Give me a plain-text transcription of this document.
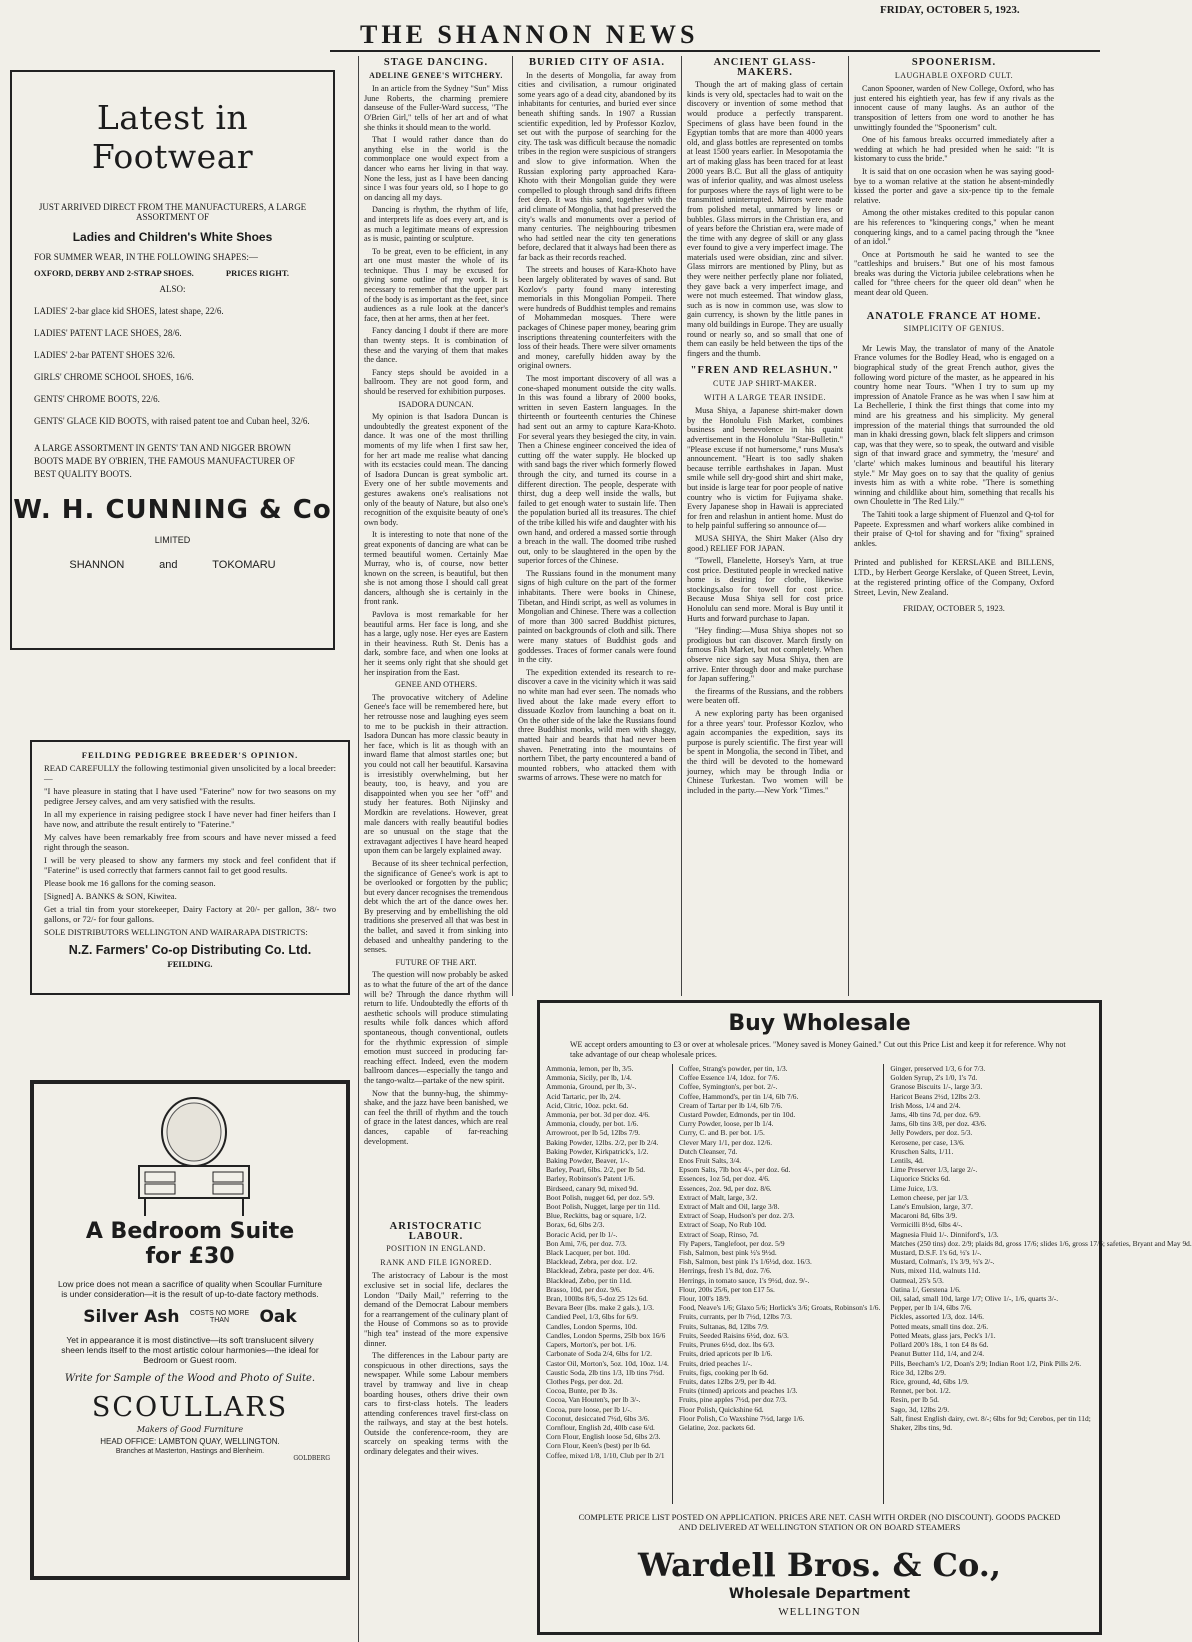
THE SHANNON NEWS
FRIDAY, OCTOBER 5, 1923.
Latest in Footwear
JUST ARRIVED DIRECT FROM THE MANUFACTURERS, A LARGE ASSORTMENT OF
Ladies and Children's White Shoes
FOR SUMMER WEAR, IN THE FOLLOWING SHAPES:—
OXFORD, DERBY AND 2-STRAP SHOES.	PRICES RIGHT.
ALSO:
LADIES' 2-bar glace kid SHOES, latest shape, 22/6.
LADIES' PATENT LACE SHOES, 28/6.
LADIES' 2-bar PATENT SHOES 32/6.
GIRLS' CHROME SCHOOL SHOES, 16/6.
GENTS' CHROME BOOTS, 22/6.
GENTS' GLACE KID BOOTS, with raised patent toe and Cuban heel, 32/6.
A LARGE ASSORTMENT IN GENTS' TAN AND NIGGER BROWN BOOTS MADE BY O'BRIEN, THE FAMOUS MANUFACTURER OF BEST QUALITY BOOTS.
W. H. CUNNING & Co
LIMITED
SHANNON	and	TOKOMARU
FEILDING PEDIGREE BREEDER'S OPINION.
READ CAREFULLY the following testimonial given unsolicited by a local breeder:—
"I have pleasure in stating that I have used "Faterine" now for two seasons on my pedigree Jersey calves, and am very satisfied with the results.
In all my experience in raising pedigree stock I have never had finer heifers than I have now, and attribute the result entirely to "Faterine."
My calves have been remarkably free from scours and have never missed a feed right through the season.
I will be very pleased to show any farmers my stock and feel confident that if "Faterine" is used correctly that farmers cannot fail to get good results.
Please book me 16 gallons for the coming season.
[Signed] A. BANKS & SON, Kiwitea.
Get a trial tin from your storekeeper, Dairy Factory at 20/- per gallon, 38/- two gallons, or 72/- for four gallons.
SOLE DISTRIBUTORS WELLINGTON AND WAIRARAPA DISTRICTS:
N.Z. Farmers' Co-op Distributing Co. Ltd.
FEILDING.
A Bedroom Suite
for £30
Low price does not mean a sacrifice of quality when Scoullar Furniture is under consideration—it is the result of up-to-date factory methods.
Silver Ash COSTS NO MORE THAN	Oak
Yet in appearance it is most distinctive—its soft translucent silvery sheen lends itself to the most artistic colour harmonies—the ideal for Bedroom or Guest room.
Write for Sample of the Wood and Photo of Suite.
SCOULLARS
Makers of Good Furniture
HEAD OFFICE: LAMBTON QUAY, WELLINGTON.
Branches at Masterton, Hastings and Blenheim.
GOLDBERG
STAGE DANCING.
ADELINE GENEE'S WITCHERY.

In an article from the Sydney "Sun" Miss June Roberts, the charming premiere danseuse of the Fuller-Ward success, "The O'Brien Girl," tells of her art and of what she thinks it should mean to the world.

That I would rather dance than do anything else in the world is the commonplace one would expect from a dancer who earns her living in that way. None the less, just as I have been dancing since I was four years old, so I hope to go on dancing all my days.

Dancing is rhythm, the rhythm of life, and interprets life as does every art, and is as much a legitimate means of expression as is music, painting or sculpture.

To be great, even to be efficient, in any art one must master the whole of its technique. Thus I may be excused for giving some outline of my work. It is necessary to remember that the upper part of the body is as important as the feet, since audiences as a rule look at the dancer's face, then at her arms, then at her feet.

Fancy dancing I doubt if there are more than twenty steps. It is combination of these and the varying of them that makes the dance.

Fancy steps should be avoided in a ballroom. They are not good form, and should be reserved for exhibition purposes.

ISADORA DUNCAN.

My opinion is that Isadora Duncan is undoubtedly the greatest exponent of the dance. It was one of the most thrilling moments of my life when I first saw her, for her art made me realise what dancing with its ecstacies could mean. The dancing of Isadora Duncan is great symbolic art. Every one of her subtle movements and gestures awakens one's realisations not only of the beauty of Nature, but also one's recognition of the exquisite beauty of one's own body.

It is interesting to note that none of the great exponents of dancing are what can be termed beautiful women. Certainly Mae Murray, who is, of course, now better known on the screen, is beautiful, but then she is not among those I should call great dancers, although she is certainly in the front rank.

Pavlova is most remarkable for her beautiful arms. Her face is long, and she has a large, ugly nose. Her eyes are Eastern in their heaviness. Ruth St. Denis has a dark, sombre face, and when one looks at her it seems only right that she should get her inspiration from the East.

GENEE AND OTHERS.

The provocative witchery of Adeline Genee's face will be remembered here, but her retrousse nose and laughing eyes seem to me to be puckish in their attraction. Isadora Duncan has more classic beauty in her face, which is lit as though with an inward flame that almost startles one; but you could not call her beautiful. Karsavina is irresistibly overwhelming, but her beauty, too, is heavy, and you are disappointed when you see her "off" and study her features. Both Nijinsky and Mordkin are revelations. However, great male dancers with really beautiful bodies are so unusual on the stage that the extravagant adjectives I have heard heaped upon them can be largely explained away.

Because of its sheer technical perfection, the significance of Genee's work is apt to be overlooked or forgotten by the public; but every dancer recognises the tremendous debt which the art of the dance owes her. By preserving and by embellishing the old traditions she preserved all that was best in the ballet, and saved it from sinking into debased and unhealthy pandering to the senses.

FUTURE OF THE ART.

The question will now probably be asked as to what the future of the art of the dance will be? Through the dance rhythm will return to life. Undoubtedly the efforts of th aesthetic schools will produce stimulating results while folk dances which afford spontaneous, though conventional, outlets for the rhythmic expression of simple emotion must succeed in producing far-reaching effect. Indeed, even the modern ballroom dances—especially the tango and the tango-waltz—partake of the new spirit.

Now that the bunny-hug, the shimmy-shake, and the jazz have been banished, we can feel the thrill of rhythm and the touch of grace in the latest dances, which are real dances, capable of far-reaching development.

ARISTOCRATIC LABOUR.
POSITION IN ENGLAND.
RANK AND FILE IGNORED.

The aristocracy of Labour is the most exclusive set in social life, declares the London "Daily Mail," referring to the demand of the Democrat Labour members for a rearrangement of the culinary plant of the House of Commons so as to provide "high tea" instead of the more expensive dinner.

The differences in the Labour party are conspicuous in other directions, says the newspaper. While some Labour members travel by tramway and live in cheap boarding houses, others drive their own cars to first-class hotels. The leaders attending conferences travel first-class on the railways, and stay at the best hotels. Outside the conference-room, they are scarcely on speaking terms with the ordinary delegates and their wives.

BURIED CITY OF ASIA.

In the deserts of Mongolia, far away from cities and civilisation, a rumour originated some years ago of a dead city, abandoned by its inhabitants for centuries, and buried ever since beneath shifting sands. In 1907 a Russian scientific expedition, led by Professor Kozlov, set out with the purpose of searching for the city. The task was difficult because the nomadic tribes in the region were suspicious of strangers and slow to give information. When the Russian exploring party approached Kara-Khoto with their Mongolian guide they were compelled to plough through sand drifts fifteen feet deep. It was this sand, together with the arid climate of Mongolia, that had preserved the city's walls and monuments over a period of many centuries. The neighbouring tribesmen who had settled near the city ten generations before, declared that it always had been there as far back as their records reached.

The streets and houses of Kara-Khoto have been largely obliterated by waves of sand. But Kozlov's party found many interesting memorials in this Mongolian Pompeii. There were hundreds of Buddhist temples and remains of Mohammedan mosques. There were packages of Chinese paper money, bearing grim inscriptions threatening counterfeiters with the loss of their heads. There were silver ornaments and money, carefully hidden away by the original owners.

The most important discovery of all was a cone-shaped monument outside the city walls. In this was found a library of 2000 books, written in seven Eastern languages. In the thirteenth or fourteenth centuries the Chinese had sent out an army to capture Kara-Khoto. For several years they besieged the city, in vain. Then a Chinese engineer conceived the idea of cutting off the water supply. He blocked up with sand bags the river which formerly flowed through the city, and turned its course in a different direction. The people, desperate with thirst, dug a deep well inside the walls, but failed to get enough water to sustain life. Then the population buried all its treasures. The chief of the tribe killed his wife and daughter with his own hand, and ordered a massed sortie through a breach in the wall. The doomed tribe rushed out, only to be slaughtered in the open by the superior forces of the Chinese.

The Russians found in the monument many signs of high culture on the part of the former inhabitants. There were books in Chinese, Tibetan, and Hindi script, as well as volumes in Mongolian and Chinese. There was a collection of more than 300 sacred Buddhist pictures, painted on backgrounds of cloth and silk. There were many statues of Buddhist gods and goddesses. Traces of former canals were found in the city.

The expedition extended its research to re-discover a cave in the vicinity which it was said no white man had ever seen. The nomads who lived about the lake made every effort to dissuade Kozlov from launching a boat on it. On the other side of the lake the Russians found three Buddhist monks, wild men with shaggy, matted hair and beards that had never been shaven. Penetrating into the mountains of northern Tibet, the party encountered a band of mounted robbers, who attacked them with swarms of arrows. These were no match for

ANCIENT GLASS-MAKERS.

Though the art of making glass of certain kinds is very old, spectacles had to wait on the discovery or invention of some method that would produce a perfectly transparent. Specimens of glass have been found in the Egyptian tombs that are more than 4000 years old, and glass bottles are represented on tombs at least 1500 years earlier. In Mesopotamia the art of making glass has been traced for at least 2000 years B.C. But all the glass of antiquity was of inferior quality, and was almost useless for purposes where the rays of light were to be transmitted uninterrupted. Mirrors were made from polished metal, unmarred by lines or bubbles. Glass mirrors in the Christian era, and of years before the Christian era, were made of the time with any degree of skill or any glass ever found to give a very imperfect image. The materials used were obsidian, zinc and silver. Glass mirrors are mentioned by Pliny, but as they were neither perfectly plane nor foliated, they gave back a very imperfect image, and were not much esteemed. That window glass, such as is now in common use, was slow to gain currency, is shown by the little panes in many old buildings in Europe. They are usually round or nearly so, and so small that one of them can easily be held between the tips of the fingers and the thumb.

"FREN AND RELASHUN."
CUTE JAP SHIRT-MAKER.
WITH A LARGE TEAR INSIDE.

Musa Shiya, a Japanese shirt-maker down by the Honolulu Fish Market, combines business and benevolence in his quaint advertisement in the Honolulu "Star-Bulletin." "Please excuse if not humersome," runs Musa's announcement. "Heart is too sadly shaken because terrible earthshakes in Japan. Must smile while sell dry-good shirt and shirt make, but inside is large tear for poor people of native country who is victim for Fujiyama shake. Every Japanese shop in Hawaii is appreciated for fren and relashun in antient home. Must do to help painful suffering so announce of—

MUSA SHIYA, the Shirt Maker (Also dry good.) RELIEF FOR JAPAN.

"Towell, Flanelette, Horsey's Yarn, at true cost price. Destituted people in wrecked native home is desiring for clothe, likewise stockings,also for towell for cost price. Because Musa Shiya sell for cost price Honolulu can send more. Moral is Buy until it Hurts and forward purchase to Japan.

"Hey finding:—Musa Shiya shopes not so prodigious but can discover. March firstly on famous Fish Market, but not completely. When observe nice sign say Musa Shiya, then are arrive. Enter through door and make purchase for Japan suffering."

the firearms of the Russians, and the robbers were beaten off.

A new exploring party has been organised for a three years' tour. Professor Kozlov, who again accompanies the expedition, says its purpose is purely scientific. The first year will be spent in Mongolia, the second in Tibet, and the third will be devoted to the homeward journey, which may be through India or Chinese Turkestan. Two women will be included in the party.—New York "Times."

SPOONERISM.
LAUGHABLE OXFORD CULT.

Canon Spooner, warden of New College, Oxford, who has just entered his eightieth year, has few if any rivals as the innocent cause of many laughs. As an author of the transposition of letters from one word to another he has unwittingly founded the "Spoonerism" cult.

One of his famous breaks occurred immediately after a wedding at which he had presided when he said: "It is kistomary to cuss the bride."

It is said that on one occasion when he was saying good-bye to a woman relative at the station he absent-mindedly kissed the porter and gave a six-pence tip to the female relative.

Among the other mistakes credited to this popular canon are his references to "kinquering congs," when he meant conquering kings, and to a camel pacing through the "knee of an idol."

Once at Portsmouth he said he wanted to see the "cattleships and bruisers." But one of his most famous breaks was during the Victoria jubilee celebrations when he called for "three cheers for the queer old dean" when he meant dear old Queen.

ANATOLE FRANCE AT HOME.
SIMPLICITY OF GENIUS.

Mr Lewis May, the translator of many of the Anatole France volumes for the Bodley Head, who is engaged on a biographical study of the great French author, gives the following word picture of the master, as he appeared in his country home near Tours. "When I try to sum up my impression of Anatole France as he was when I saw him at La Bechellerie, I think the first things that come into my mind are his greatness and his simplicity. My general impression of the material things that surrounded the old man in khaki dressing gown, black felt slippers and crimson cap, was that they were, so to speak, the outward and visible sign of that inward grace and symmetry, the 'mesure' and 'clarte' which makes luminous and beautiful his literary style." Mr May goes on to say that the quality of genius invests him as with a white robe. "There is something winning and childlike about him, something that recalls his own Choulette in 'The Red Lily.'"

The Tahiti took a large shipment of Fluenzol and Q-tol for Papeete. Expressmen and wharf workers alike combined in their praise of Q-tol for shaving and for "fixing" sprained ankles.

Printed and published for KERSLAKE and BILLENS, LTD., by Herbert George Kerslake, of Queen Street, Levin, at the registered printing office of the Company, Oxford Street, Levin, New Zealand.
FRIDAY, OCTOBER 5, 1923.
Buy Wholesale
WE accept orders amounting to £3 or over at wholesale prices. "Money saved is Money Gained." Cut out this Price List and keep it for reference. Why not take advantage of our cheap wholesale prices.
Ammonia, lemon, per lb, 3/5.
Ammonia, Sicily, per lb, 1/4.
Ammonia, Ground, per lb, 3/-.
Acid Tartaric, per lb, 2/4.
Acid, Citric, 10oz. pckt. 6d.
Ammonia, per bot. 3d per doz. 4/6.
Ammonia, cloudy, per bot. 1/6.
Arrowroot, per lb 5d, 12lbs 7/9.
Baking Powder, 12lbs. 2/2, per lb 2/4.
Baking Powder, Kirkpatrick's, 1/2.
Baking Powder, Beaver, 1/-.
Barley, Pearl, 6lbs. 2/2, per lb 5d.
Barley, Robinson's Patent 1/6.
Birdseed, canary 9d, mixed 9d.
Boot Polish, nugget 6d, per doz. 5/9.
Boot Polish, Nugget, large per tin 11d.
Blue, Reckitts, bag or square, 1/2.
Borax, 6d, 6lbs 2/3.
Boracic Acid, per lb 1/-.
Bon Ami, 7/6, per doz. 7/3.
Black Lacquer, per bot. 10d.
Blacklead, Zebra, per doz. 1/2.
Blacklead, Zebra, paste per doz. 4/6.
Blacklead, Zebo, per tin 11d.
Brasso, 10d, per doz. 9/6.
Bran, 100lbs 8/6, 5-doz 25 12s 6d.
Bevara Beer (lbs. make 2 gals.), 1/3.
Candied Peel, 1/3, 6lbs for 6/9.
Candles, London Sperms, 10d.
Candles, London Sperms, 25lb box 16/6
Capers, Morton's, per bot. 1/6.
Carbonate of Soda 2/4, 6lbs for 1/2.
Castor Oil, Morton's, 5oz. 10d, 10oz. 1/4.
Caustic Soda, 2lb tins 1/3, 1lb tins 7½d.
Clothes Pegs, per doz. 2d.
Cocoa, Bunte, per lb 3s.
Cocoa, Van Houten's, per lb 3/-.
Cocoa, pure loose, per lb 1/-.
Coconut, desiccated 7½d, 6lbs 3/6.
Cornflour, English 2d, 40lb case 6/d.
Corn Flour, English loose 5d, 6lbs 2/3.
Corn Flour, Keen's (best) per lb 6d.
Coffee, mixed 1/8, 1/10, Club per lb 2/1
Coffee, Strang's powder, per tin, 1/3.
Coffee Essence 1/4, 1doz. for 7/6.
Coffee, Symington's, per bot. 2/-.
Coffee, Hammond's, per tin 1/4, 6lb 7/6.
Cream of Tartar per lb 1/4, 6lb 7/6.
Custard Powder, Edmonds, per tin 10d.
Curry Powder, loose, per lb 1/4.
Curry, C. and B. per bot. 1/5.
Clever Mary 1/1, per doz. 12/6.
Dutch Cleanser, 7d.
Enos Fruit Salts, 3/4.
Epsom Salts, 7lb box 4/-, per doz. 6d.
Essences, 1oz 5d, per doz. 4/6.
Essences, 2oz. 9d, per doz. 8/6.
Extract of Malt, large, 3/2.
Extract of Malt and Oil, large 3/8.
Extract of Soap, Hudson's per doz. 2/3.
Extract of Soap, No Rub 10d.
Extract of Soap, Rinso, 7d.
Fly Papers, Tanglefoot, per doz. 5/9
Fish, Salmon, best pink ½'s 9½d.
Fish, Salmon, best pink 1's 1/6½d, doz. 16/3.
Herrings, fresh 1's 8d, doz. 7/6.
Herrings, in tomato sauce, 1's 9½d, doz. 9/-.
Flour, 200s 25/6, per ton £17 5s.
Flour, 100's 18/9.
Food, Neave's 1/6; Glaxo 5/6; Horlick's 3/6; Groats, Robinson's 1/6.
Fruits, currants, per lb 7½d, 12lbs 7/3.
Fruits, Sultanas, 8d, 12lbs 7/9.
Fruits, Seeded Raisins 6½d, doz. 6/3.
Fruits, Prunes 6½d, doz. lbs 6/3.
Fruits, dried apricots per lb 1/6.
Fruits, dried peaches 1/-.
Fruits, figs, cooking per lb 6d.
Fruits, dates 12lbs 2/9, per lb 4d.
Fruits (tinned) apricots and peaches 1/3.
Fruits, pine apples 7½d, per doz 7/3.
Floor Polish, Quickshine 6d.
Floor Polish, Co Waxshine 7½d, large 1/6.
Gelatine, 2oz. packets 6d.
Ginger, preserved 1/3, 6 for 7/3.
Golden Syrup, 2's 1/0, 1's 7d.
Granose Biscuits 1/-, large 3/3.
Haricot Beans 2½d, 12lbs 2/3.
Irish Moss, 1/4 and 2/4.
Jams, 4lb tins 7d, per doz. 6/9.
Jams, 6lb tins 3/8, per doz. 43/6.
Jelly Powders, per doz. 5/3.
Kerosene, per case, 13/6.
Kruschen Salts, 1/11.
Lentils, 4d.
Lime Preserver 1/3, large 2/-.
Liquorice Sticks 6d.
Lime Juice, 1/3.
Lemon cheese, per jar 1/3.
Lane's Emulsion, large, 3/7.
Macaroni 8d, 6lbs 3/9.
Vermicilli 8½d, 6lbs 4/-.
Magnesia Fluid 1/-. Dinniford's, 1/3.
Matches (250 tins) doz. 2/9; plaids 8d, gross 17/6; slides 1/6, gross 17/6; safeties, Bryant and May 9d.
Mustard, D.S.F. 1's 6d, ½'s 1/-.
Mustard, Colman's, 1's 3/9, ½'s 2/-.
Nuts, mixed 11d, walnuts 11d.
Oatmeal, 25's 5/3.
Oatina 1/, Gerstena 1/6.
Oil, salad, small 10d, large 1/7; Olive 1/-, 1/6, quarts 3/-.
Pepper, per lb 1/4, 6lbs 7/6.
Pickles, assorted 1/3, doz. 14/6.
Potted meats, small tins doz. 2/6.
Potted Meats, glass jars, Peck's 1/1.
Pollard 200's 18s, 1 ton £4 8s 6d.
Peanut Butter 11d, 1/4, and 2/4.
Pills, Beecham's 1/2, Doan's 2/9; Indian Root 1/2, Pink Pills 2/6.
Rice 3d, 12lbs 2/9.
Rice, ground, 4d, 6lbs 1/9.
Rennet, per bot. 1/2.
Resin, per lb 5d.
Sago, 3d, 12lbs 2/9.
Salt, finest English dairy, cwt. 8/-; 6lbs for 9d; Cerebos, per tin 11d;
Shaker, 2lbs tins, 9d.
COMPLETE PRICE LIST POSTED ON APPLICATION. PRICES ARE NET. CASH WITH ORDER (NO DISCOUNT). GOODS PACKED AND DELIVERED AT WELLINGTON STATION OR ON BOARD STEAMERS
Wardell Bros. & Co.,
Wholesale Department
WELLINGTON
